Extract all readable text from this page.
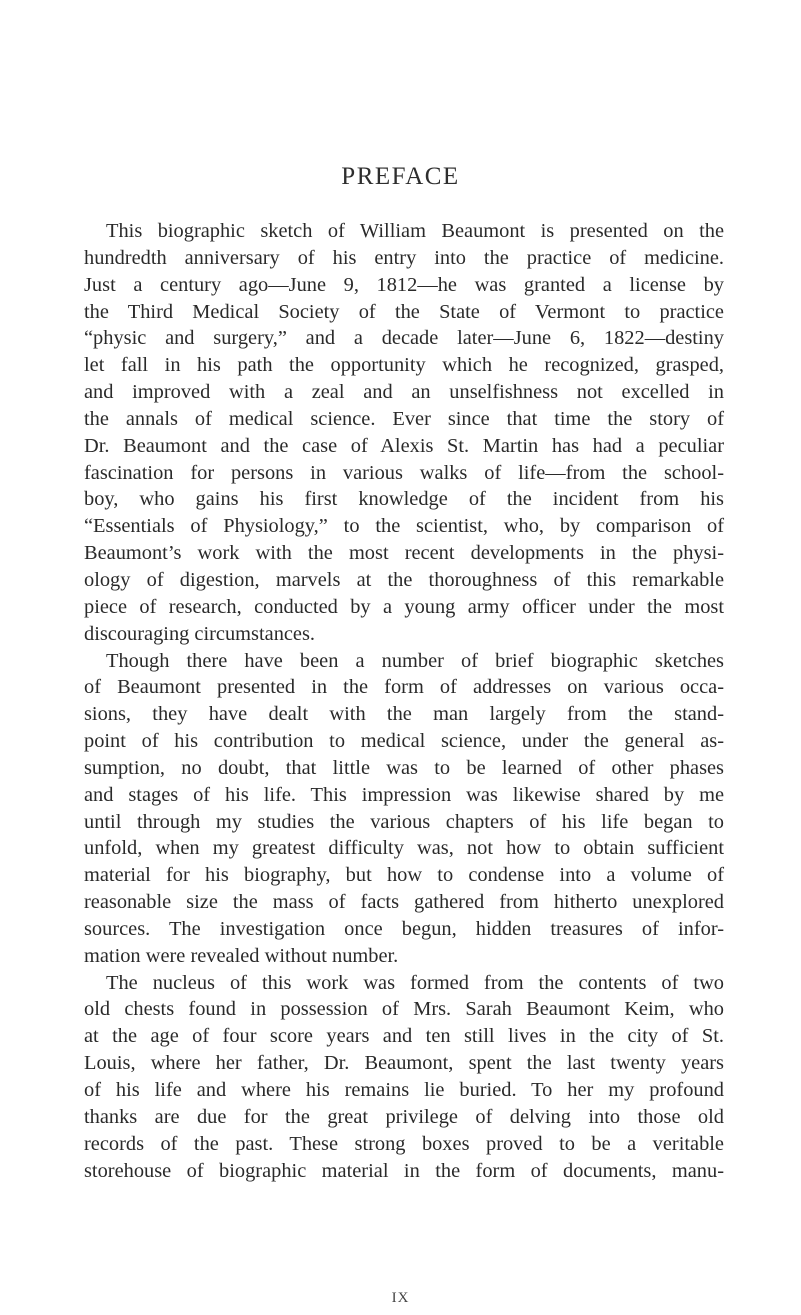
PREFACE
This biographic sketch of William Beaumont is presented on the
hundredth anniversary of his entry into the practice of medicine.
Just a century ago—June 9, 1812—he was granted a license by
the Third Medical Society of the State of Vermont to practice
“physic and surgery,” and a decade later—June 6, 1822—destiny
let fall in his path the opportunity which he recognized, grasped,
and improved with a zeal and an unselfishness not excelled in
the annals of medical science. Ever since that time the story of
Dr. Beaumont and the case of Alexis St. Martin has had a peculiar
fascination for persons in various walks of life—from the school-
boy, who gains his first knowledge of the incident from his
“Essentials of Physiology,” to the scientist, who, by comparison of
Beaumont’s work with the most recent developments in the physi-
ology of digestion, marvels at the thoroughness of this remarkable
piece of research, conducted by a young army officer under the most
discouraging circumstances.
Though there have been a number of brief biographic sketches
of Beaumont presented in the form of addresses on various occa-
sions, they have dealt with the man largely from the stand-
point of his contribution to medical science, under the general as-
sumption, no doubt, that little was to be learned of other phases
and stages of his life. This impression was likewise shared by me
until through my studies the various chapters of his life began to
unfold, when my greatest difficulty was, not how to obtain sufficient
material for his biography, but how to condense into a volume of
reasonable size the mass of facts gathered from hitherto unexplored
sources. The investigation once begun, hidden treasures of infor-
mation were revealed without number.
The nucleus of this work was formed from the contents of two
old chests found in possession of Mrs. Sarah Beaumont Keim, who
at the age of four score years and ten still lives in the city of St.
Louis, where her father, Dr. Beaumont, spent the last twenty years
of his life and where his remains lie buried. To her my profound
thanks are due for the great privilege of delving into those old
records of the past. These strong boxes proved to be a veritable
storehouse of biographic material in the form of documents, manu-
IX
